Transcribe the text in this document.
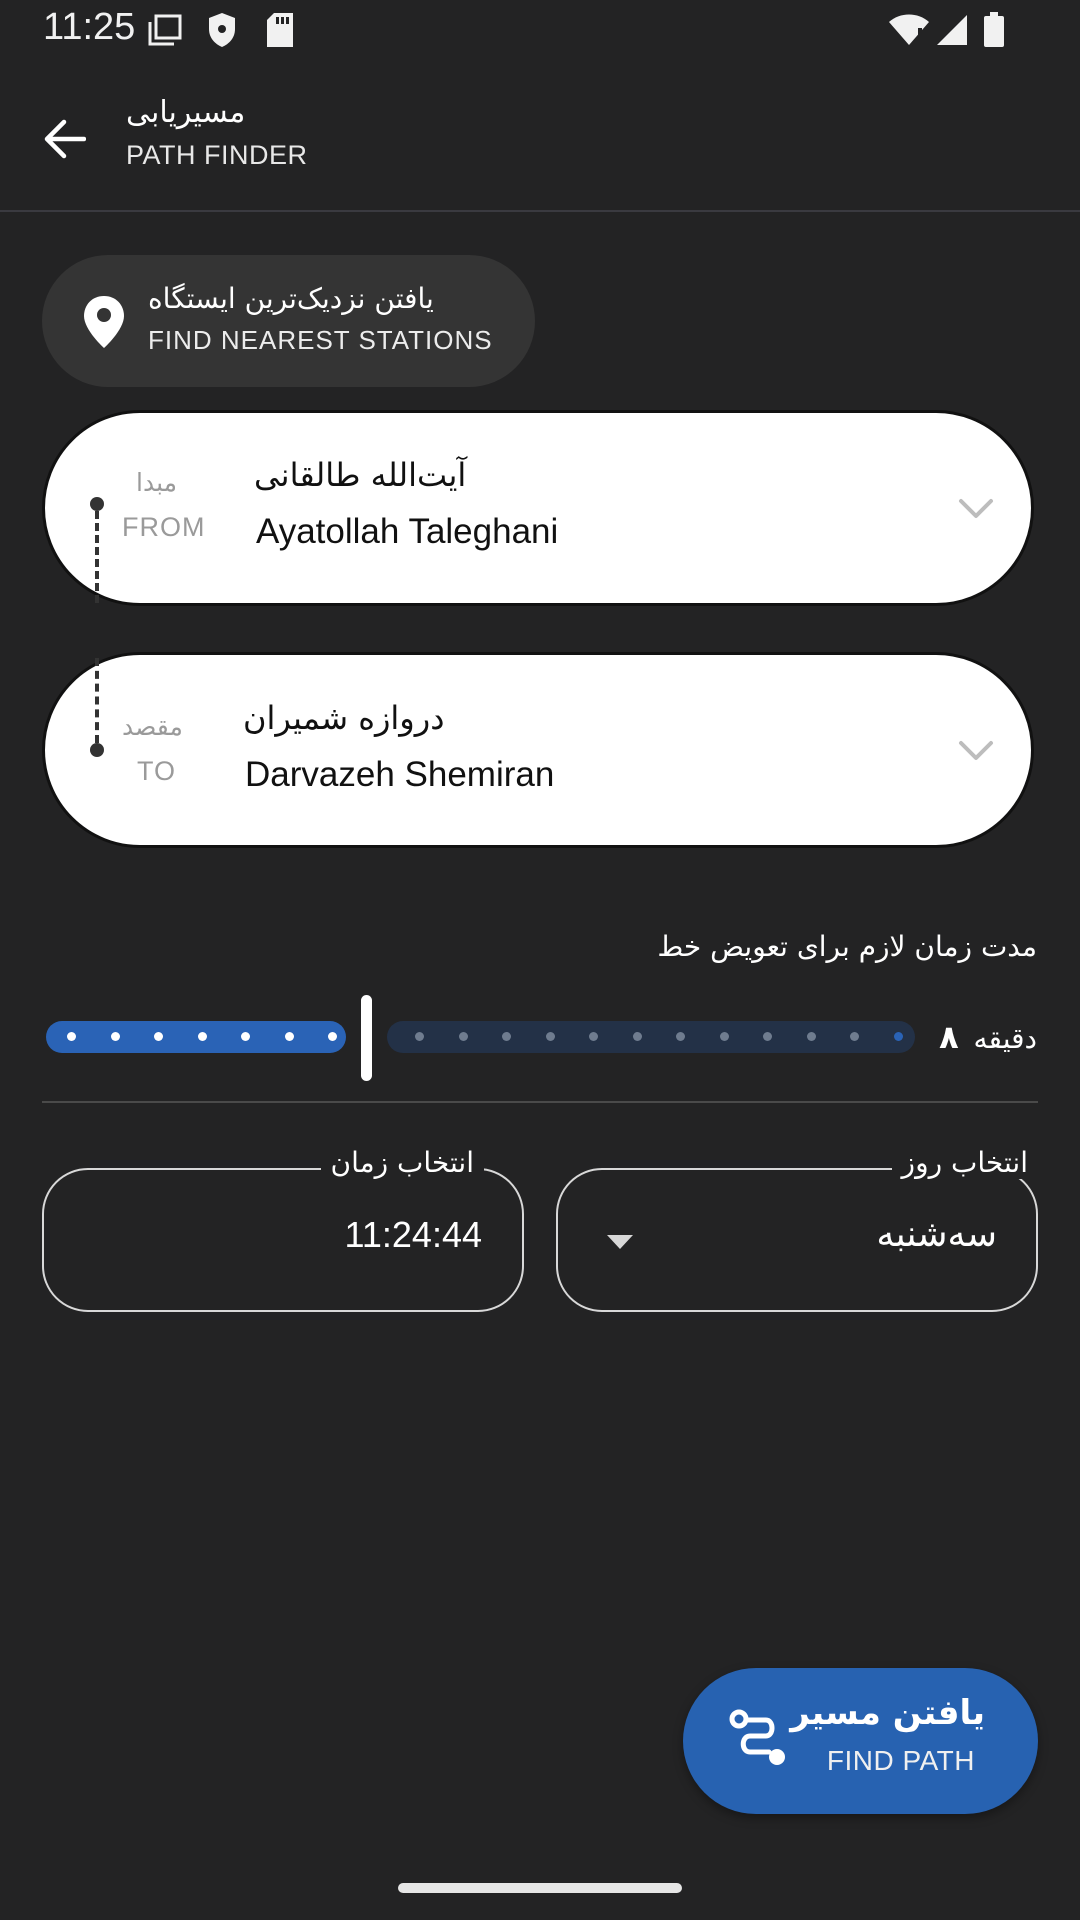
11:25
مسیریابی
PATH FINDER
یافتن نزدیک‌ترین ایستگاه
FIND NEAREST STATIONS
مبدا
FROM
آیت‌الله طالقانی
Ayatollah Taleghani
مقصد
TO
دروازه شمیران
Darvazeh Shemiran
مدت زمان لازم برای تعویض خط
دقیقه ۸
انتخاب زمان
11:24:44
انتخاب روز
سه‌شنبه
یافتن مسیر
FIND PATH
